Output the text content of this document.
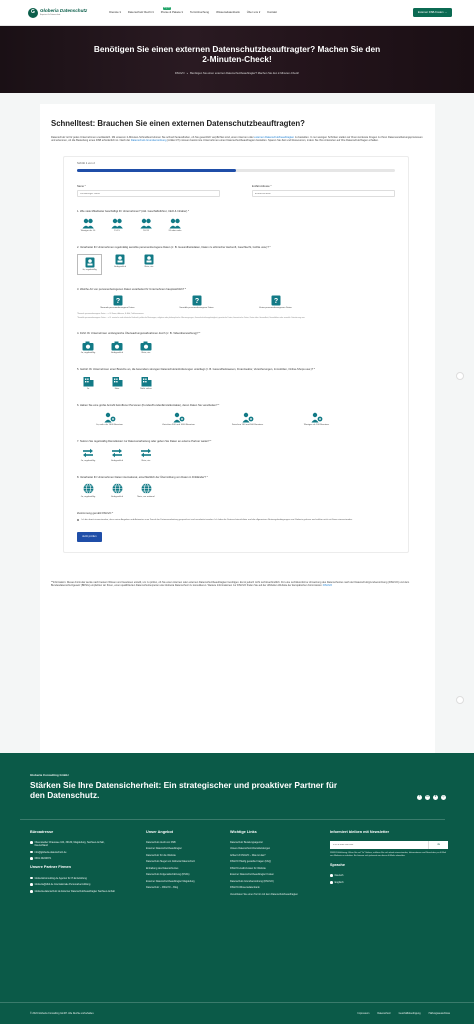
G	Globeria Datenschutz
Experten für Datenschutz
Dienste ▾	Datenschutz Recht ▾
Angebot
Preise & Pakete ▾	Terminbuchung	Wissensdatenbank	Über uns ▾	Kontakt	Externer DSB-Kosten →
Benötigen Sie einen externen Datenschutzbeauftragter? Machen Sie den 2-Minuten-Check!
DSGVO » Benötigen Sie einen externen Datenschutzbeauftragter? Machen Sie den 2-Minuten-Check!
Schnelltest: Brauchen Sie einen externen Datenschutzbeauftragten?

Datenschutz ist für jedes Unternehmen unerlässlich. Mit unserem 2-Minuten-Schnelltest können Sie schnell herausfinden, ob Sie gesetzlich verpflichtet sind, einen internen oder externen Datenschutzbeauftragten zu bestellen. In nur wenigen Schritten stellen wir Ihnen konkrete Fragen zu Ihren Datenverarbeitungsprozessen und erkennen, ob die Bestellung eines DSB erforderlich ist. Nach der Datenschutz-Grundverordnung (Artikel 37) müssen bestimmte Unternehmen einen Datenschutzbeauftragten bestellen. Sparen Sie Zeit und Ressourcen, indem Sie Ihre Antworten auf Ihre Datenschutzfragen erhalten.

Schritt 1 von 2
Name *
Vollständiger Name	E-Mail-Adresse *
E-Mail-Adresse
1. Wie viele Mitarbeiter beschäftigt Ihr Unternehmen? (inkl. Geschäftsführer, CEO & Inhaber) *
Weniger als 10	11-15	16-19	20 oder mehr
2. Verarbeitet Ihr Unternehmen regelmäßig sensible personenbezogene Daten (z. B. Gesundheitsdaten, Daten zu ethnischer Herkunft, Geschlecht, Größe usw.)? *
Ja, regelmäßig
Gelegentlich	Nein, nie
3. Welche Art von personenbezogenen Daten verarbeitet Ihr Unternehmen hauptsächlich? *
?
Normale personenbezogene Daten
?
Sensible personenbezogene Daten
?
Keine personenbezogenen Daten
*Normale personenbezogene Daten – z. B. Name, Adresse, E-Mail, Telefonnummer.
*Sensible personenbezogene Daten – z. B. rassische und ethnische Herkunft, politische Meinungen, religiöse oder philosophische Überzeugungen, Gewerkschaftszugehörigkeit, genetische Daten, biometrische Daten, Daten über Gesundheit, Sexualleben oder sexuelle Orientierung usw.
4. Führt Ihr Unternehmen umfangreiche Überwachungsmaßnahmen durch (z. B. Videoüberwachung)? *
Ja, regelmäßig	Gelegentlich	Nein, nie
5. Gehört Ihr Unternehmen einer Branche an, die besonders strengen Datenschutzanforderungen unterliegt (z. B. Gesundheitswesen, Finanzsektor, Versicherungen, Immobilien, Online-Shops usw.)? *
Ja	Nein	Nicht sicher
6. Haben Sie eine große Anzahl betroffener Personen (Kunden/Kunden/Einzelkontakte), deren Daten Sie verarbeiten? *
Ja, mehr als 1000 Benutzer	Zwischen 500 und 1000 Benutzer	Zwischen 100 und 500 Benutzer	Weniger als 100 Benutzer
7. Nutzen Sie regelmäßig Dienstleister zur Datenverarbeitung oder geben Sie Daten an externe Partner weiter? *
Ja, regelmäßig	Gelegentlich	Nein, nie
8. Verarbeitet Ihr Unternehmen Daten international, einschließlich der Übermittlung von Daten in Drittländer? *
Ja, regelmäßig	Gelegentlich	Nein, nur national
Zustimmung gemäß DSGVO *
Ich bin damit einverstanden, dass meine Angaben und Antworten zum Zweck der Datenverarbeitung gespeichert und verarbeitet werden. Ich habe die Datenschutzrichtlinie und die allgemeinen Nutzungsbedingungen von Globeria gelesen und erkläre mich mit Ihnen einverstanden.
Jetzt prüfen

**Information: Dieses Formular wurde nach bestem Wissen und Gewissen erstellt, um zu prüfen, ob Sie einen internen oder externen Datenschutzbeauftragten benötigen. Es ist jedoch nicht rechtsverbindlich. Für eine rechtskonforme Umsetzung des Datenschutzes nach der Datenschutzgrundverordnung (DSGVO) und dem Bundesdatenschutzgesetz (BDSG) empfehlen wir Ihnen, einen qualifizierten Datenschutzexperten wie Globeria Datenschutz zu konsultieren. Weitere Informationen zur DSGVO finden Sie auf der offiziellen Website der Europäischen Kommission: DSGVO

Globeria Consulting GmbH
Stärken Sie Ihre Datensicherheit: Ein strategischer und proaktiver Partner für den Datenschutz.	f	in	X	◎
Büroadresse
Olvenstedter Chaussee 104, 39130, Magdeburg, Sachsen-Anhalt, Deutschland
info@globeria-datenschutz.de
0391 40220971
Unsere Partner Firmen
GloberiaConsulting.de Agentur für IT-Entwicklung
Globeria@dbd.de Internationale Personalvermittlung
Globeria-datenschutz.de Externer Datenschutzbeauftragter Sachsen-Anhalt
Unser Angebot
Datenschutz-Audit von DSB
Externer Datenschutzbeauftragter
Datenschutz für die Website
Datenschutz-Siegel von Globeria Datenschutz
Einhaltung des Datenschutzes
Datenschutz-Folgenabschätzung (DSFA)
Externer Datenschutzbeauftragter Magdeburg
Datenschutz – DSGVO – Blog
Wichtige Links
Datenschutz Beratungsagentur
Unsere Datenschutz-Dienstleistungen
Artikel 13 DSGVO – Was ist das?
DSGVO Häufig gestellte Fragen (FAQ)
DSGVO-Audit-Kosten für Website
Externer Datenschutzbeauftragter Kosten
Datenschutz-Grundverordnung (DSGVO)
DSGVO-Wissensdatenbank
Vereinbaren Sie einen Termin mit dem Datenschutzbeauftragten
Informiert bleiben mit Newsletter
Ihre E-Mail-Adresse
Ja
DSGVO-Erklärung: Wenn Sie auf "Ja" klicken, erklären Sie sich damit einverstanden, Informationen und Newsletter per E-Mail von Globeria zu erhalten. Sie können sich jederzeit von diesen E-Mails abmelden.
Sprache
Deutsch
Englisch
© 2024 Globeria Consulting GmbH. Alle Rechte vorbehalten.	Impressum	Datenschutz	Geschäftsbedingung	Haftungsausschluss
